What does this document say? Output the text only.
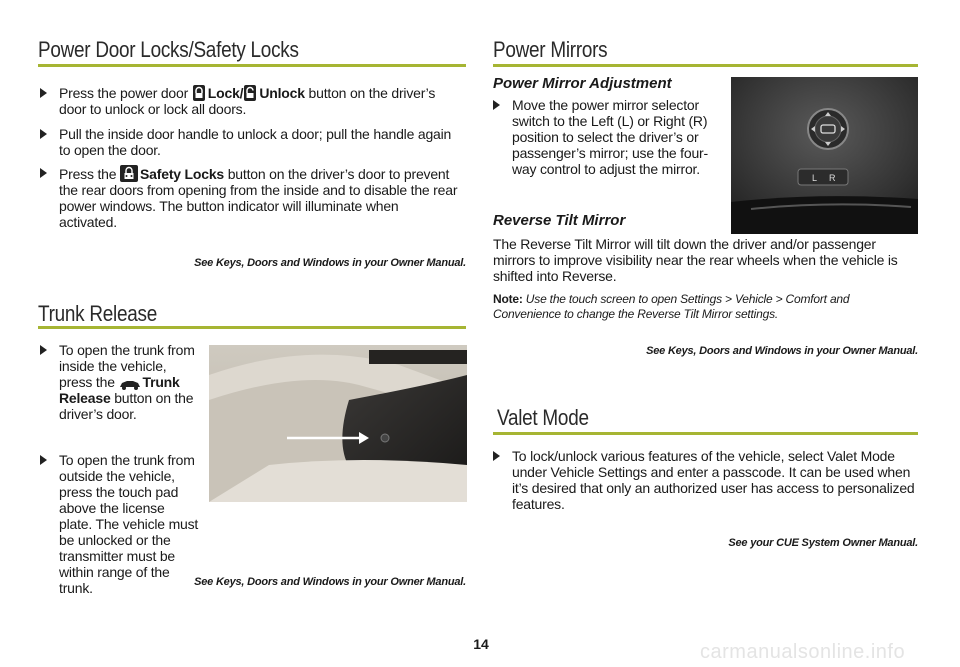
Power Door Locks/Safety Locks
Press the power door Lock/ Unlock button on the driver’s door to unlock or lock all doors.
Pull the inside door handle to unlock a door; pull the handle again to open the door.
Press the Safety Locks button on the driver’s door to prevent the rear doors from opening from the inside and to disable the rear power windows. The button indicator will illuminate when activated.
See Keys, Doors and Windows in your Owner Manual.
Trunk Release
To open the trunk from inside the vehicle, press the Trunk Release button on the driver’s door.
To open the trunk from outside the vehicle, press the touch pad above the license plate. The vehicle must be unlocked or the transmitter must be within range of the trunk.	See Keys, Doors and Windows in your Owner Manual.
Power Mirrors
Power Mirror Adjustment
Move the power mirror selector switch to the Left (L) or Right (R) position to select the driver’s or passenger’s mirror; use the four-way control to adjust the mirror.
L R
Reverse Tilt Mirror
The Reverse Tilt Mirror will tilt down the driver and/or passenger mirrors to improve visibility near the rear wheels when the vehicle is shifted into Reverse.
Note: Use the touch screen to open Settings > Vehicle > Comfort and Convenience to change the Reverse Tilt Mirror settings.
See Keys, Doors and Windows in your Owner Manual.
Valet Mode
To lock/unlock various features of the vehicle, select Valet Mode under Vehicle Settings and enter a passcode. It can be used when it’s desired that only an authorized user has access to personalized features.
See your CUE System Owner Manual.
14	carmanualsonline.info
